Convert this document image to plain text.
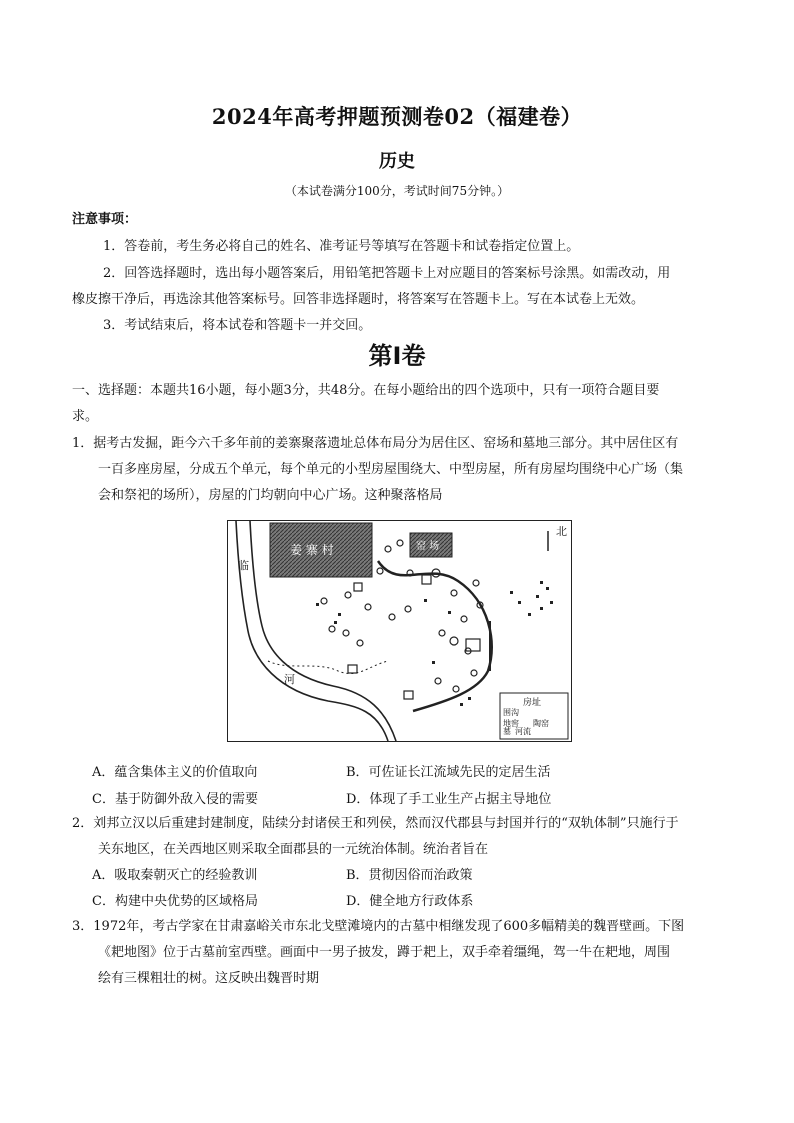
2024年高考押题预测卷02（福建卷）
历史
（本试卷满分100分，考试时间75分钟。）
注意事项：
1．答卷前，考生务必将自己的姓名、准考证号等填写在答题卡和试卷指定位置上。
2．回答选择题时，选出每小题答案后，用铅笔把答题卡上对应题目的答案标号涂黑。如需改动，用
橡皮擦干净后，再选涂其他答案标号。回答非选择题时，将答案写在答题卡上。写在本试卷上无效。
3．考试结束后，将本试卷和答题卡一并交回。
第Ⅰ卷
一、选择题：本题共16小题，每小题3分，共48分。在每小题给出的四个选项中，只有一项符合题目要
求。
1．据考古发掘，距今六千多年前的姜寨聚落遗址总体布局分为居住区、窑场和墓地三部分。其中居住区有
一百多座房屋，分成五个单元，每个单元的小型房屋围绕大、中型房屋，所有房屋均围绕中心广场（集
会和祭祀的场所），房屋的门均朝向中心广场。这种聚落格局
姜 寨 村
临
河
北
窑 场
房址
围沟
地窖 陶窑
墓 河流
A．蕴含集体主义的价值取向	B．可佐证长江流域先民的定居生活
C．基于防御外敌入侵的需要	D．体现了手工业生产占据主导地位
2．刘邦立汉以后重建封建制度，陆续分封诸侯王和列侯，然而汉代郡县与封国并行的“双轨体制”只施行于
关东地区，在关西地区则采取全面郡县的一元统治体制。统治者旨在
A．吸取秦朝灭亡的经验教训	B．贯彻因俗而治政策
C．构建中央优势的区域格局	D．健全地方行政体系
3．1972年，考古学家在甘肃嘉峪关市东北戈壁滩境内的古墓中相继发现了600多幅精美的魏晋壁画。下图
《耙地图》位于古墓前室西壁。画面中一男子披发，蹲于耙上，双手牵着缰绳，驾一牛在耙地，周围
绘有三棵粗壮的树。这反映出魏晋时期
